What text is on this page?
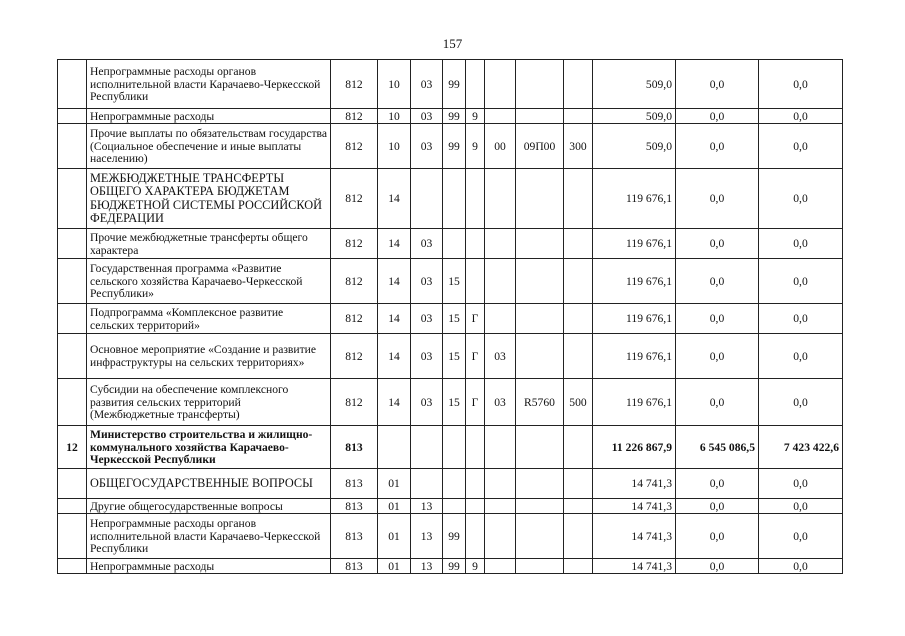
157
	Непрограммные расходы органов исполнительной власти Карачаево-Черкесской Республики	812	10	03	99					509,0	0,0	0,0
	Непрограммные расходы	812	10	03	99	9				509,0	0,0	0,0
	Прочие выплаты по обязательствам государства (Социальное обеспечение и иные выплаты населению)	812	10	03	99	9	00	09П00	300	509,0	0,0	0,0
	МЕЖБЮДЖЕТНЫЕ ТРАНСФЕРТЫ ОБЩЕГО ХАРАКТЕРА БЮДЖЕТАМ БЮДЖЕТНОЙ СИСТЕМЫ РОССИЙСКОЙ ФЕДЕРАЦИИ	812	14							119 676,1	0,0	0,0
	Прочие межбюджетные трансферты общего характера	812	14	03						119 676,1	0,0	0,0
	Государственная программа «Развитие сельского хозяйства Карачаево-Черкесской Республики»	812	14	03	15					119 676,1	0,0	0,0
	Подпрограмма «Комплексное развитие сельских территорий»	812	14	03	15	Г				119 676,1	0,0	0,0
	Основное мероприятие «Создание и развитие инфраструктуры на сельских территориях»	812	14	03	15	Г	03			119 676,1	0,0	0,0
	Субсидии на обеспечение комплексного развития сельских территорий (Межбюджетные трансферты)	812	14	03	15	Г	03	R5760	500	119 676,1	0,0	0,0
12	Министерство строительства и жилищно-коммунального хозяйства Карачаево-Черкесской Республики	813								11 226 867,9	6 545 086,5	7 423 422,6
	ОБЩЕГОСУДАРСТВЕННЫЕ ВОПРОСЫ	813	01							14 741,3	0,0	0,0
	Другие общегосударственные вопросы	813	01	13						14 741,3	0,0	0,0
	Непрограммные расходы органов исполнительной власти Карачаево-Черкесской Республики	813	01	13	99					14 741,3	0,0	0,0
	Непрограммные расходы	813	01	13	99	9				14 741,3	0,0	0,0
